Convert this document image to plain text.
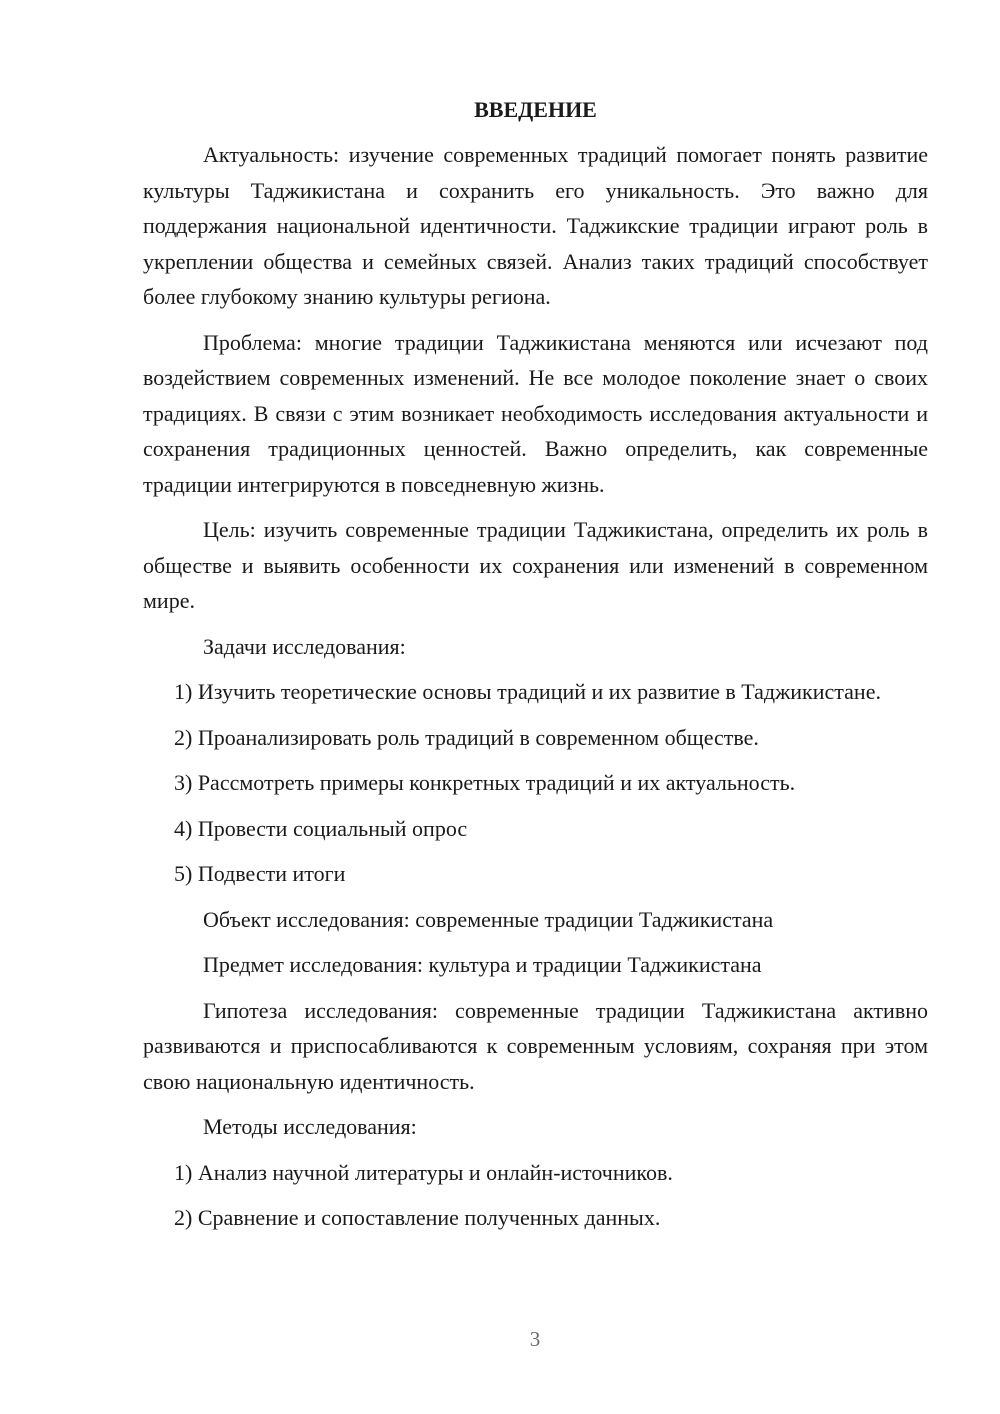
ВВЕДЕНИЕ

Актуальность: изучение современных традиций помогает понять развитие культуры Таджикистана и сохранить его уникальность. Это важно для поддержания национальной идентичности. Таджикские традиции играют роль в укреплении общества и семейных связей. Анализ таких традиций способствует более глубокому знанию культуры региона.

Проблема: многие традиции Таджикистана меняются или исчезают под воздействием современных изменений. Не все молодое поколение знает о своих традициях. В связи с этим возникает необходимость исследования актуальности и сохранения традиционных ценностей. Важно определить, как современные традиции интегрируются в повседневную жизнь.

Цель: изучить современные традиции Таджикистана, определить их роль в обществе и выявить особенности их сохранения или изменений в современном мире.

Задачи исследования:

1) Изучить теоретические основы традиций и их развитие в Таджикистане.

2) Проанализировать роль традиций в современном обществе.

3) Рассмотреть примеры конкретных традиций и их актуальность.

4) Провести социальный опрос

5) Подвести итоги

Объект исследования: современные традиции Таджикистана

Предмет исследования: культура и традиции Таджикистана

Гипотеза исследования: современные традиции Таджикистана активно развиваются и приспосабливаются к современным условиям, сохраняя при этом свою национальную идентичность.

Методы исследования:

1) Анализ научной литературы и онлайн-источников.

2) Сравнение и сопоставление полученных данных.

3
